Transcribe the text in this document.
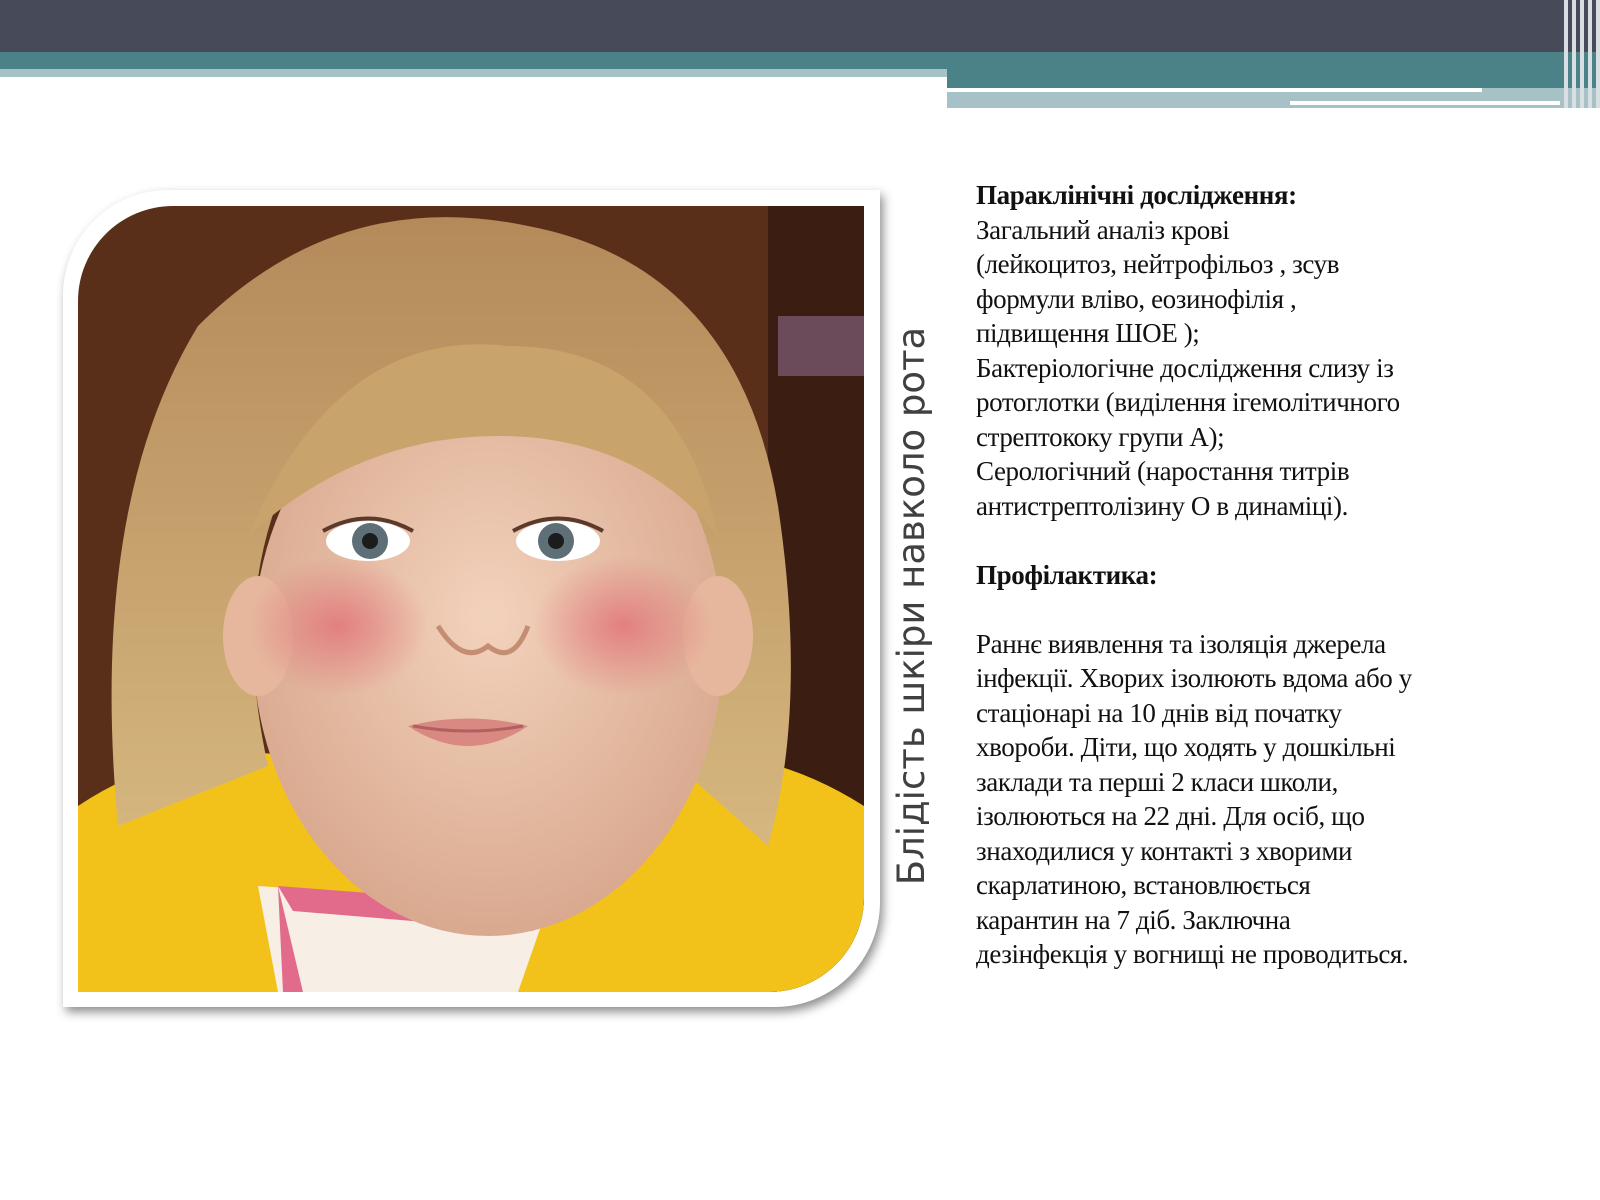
Блідість шкіри навколо рота

Параклінічні дослідження:

Загальний аналіз крові

(лейкоцитоз, нейтрофільоз , зсув

формули вліво, еозинофілія ,

підвищення ШОЕ );

Бактеріологічне дослідження слизу із

ротоглотки (виділення ігемолітичного

стрептококу групи А);

Серологічний (наростання титрів

антистрептолізину О в динаміці).

Профілактика:

Раннє виявлення та ізоляція джерела

інфекції. Хворих ізолюють вдома або у

стаціонарі на 10 днів від початку

хвороби. Діти, що ходять у дошкільні

заклади та перші 2 класи школи,

ізолюються на 22 дні. Для осіб, що

знаходилися у контакті з хворими

скарлатиною, встановлюється

карантин на 7 діб. Заключна

дезінфекція у вогнищі не проводиться.
